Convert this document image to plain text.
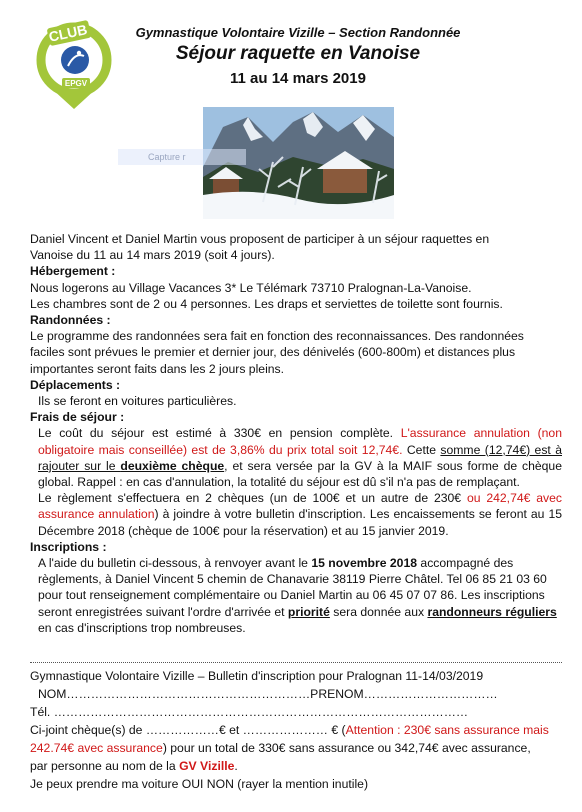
CLUB
EPGV
Gymnastique Volontaire Vizille – Section Randonnée
Séjour raquette en Vanoise
11 au 14 mars 2019
Capture r

Daniel Vincent et Daniel Martin vous proposent de participer à un séjour raquettes en

Vanoise du 11 au 14 mars 2019 (soit 4 jours).

Hébergement :

Nous logerons au Village Vacances 3* Le Télémark 73710 Pralognan-La-Vanoise.

Les chambres sont de 2 ou 4 personnes. Les draps et serviettes de toilette sont fournis.

Randonnées :

Le programme des randonnées sera fait en fonction des reconnaissances. Des randonnées

faciles sont prévues le premier et dernier jour, des dénivelés (600-800m) et distances plus

importantes seront faits dans les 2 jours pleins.

Déplacements :

Ils se feront en voitures particulières.

Frais de séjour :

Le coût du séjour est estimé à 330€ en pension complète. L'assurance annulation (non obligatoire mais conseillée) est de 3,86% du prix total soit 12,74€. Cette somme (12,74€) est à rajouter sur le deuxième chèque, et sera versée par la GV à la MAIF sous forme de chèque global. Rappel : en cas d'annulation, la totalité du séjour est dû s'il n'a pas de remplaçant.

Le règlement s'effectuera en 2 chèques (un de 100€ et un autre de 230€ ou 242,74€ avec assurance annulation) à joindre à votre bulletin d'inscription. Les encaissements se feront au 15 Décembre 2018 (chèque de 100€ pour la réservation) et au 15 janvier 2019.

Inscriptions :

A l'aide du bulletin ci-dessous, à renvoyer avant le 15 novembre 2018 accompagné des règlements, à Daniel Vincent 5 chemin de Chanavarie 38119 Pierre Châtel. Tel 06 85 21 03 60 pour tout renseignement complémentaire ou Daniel Martin au 06 45 07 07 86. Les inscriptions seront enregistrées suivant l'ordre d'arrivée et priorité sera donnée aux randonneurs réguliers en cas d'inscriptions trop nombreuses.

Gymnastique Volontaire Vizille – Bulletin d'inscription pour Pralognan 11-14/03/2019

NOM……………………………………………………PRENOM……………………………

Tél. …………………………………………………………………………………………

Ci-joint chèque(s) de ………………€ et ………………… € (Attention : 230€ sans assurance mais
242.74€ avec assurance) pour un total de 330€ sans assurance ou 342,74€ avec assurance,

par personne au nom de la GV Vizille.

Je peux prendre ma voiture OUI NON (rayer la mention inutile)
